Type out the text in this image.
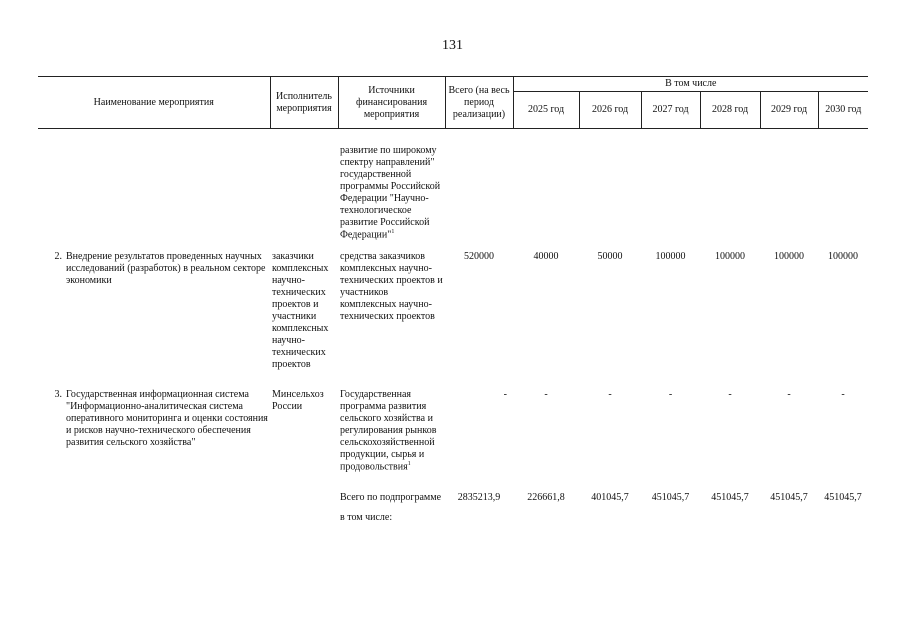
131
Наименование мероприятия		Исполнитель мероприятия	Источники финансирования мероприятия	Всего (на весь период реализации)	В том числе					
					2025 год	2026 год	2027 год	2028 год	2029 год	2030 год

			развитие по широкому спектру направлений" государственной программы Российской Федерации "Научно-технологическое развитие Российской Федерации"$^1$							
2.	Внедрение результатов проведенных научных исследований (разработок) в реальном секторе экономики	заказчики комплексных научно-технических проектов и участники комплексных научно-технических проектов	средства заказчиков комплексных научно-технических проектов и участников комплексных научно-технических проектов	520000	40000	50000	100000	100000	100000	100000

3.	Государственная информационная система "Информационно-аналитическая система оперативного мониторинга и оценки состояния и рисков научно-технического обеспечения развития сельского хозяйства"	Минсельхоз России	Государственная программа развития сельского хозяйства и регулирования рынков сельскохозяйственной продукции, сырья и продовольствия$^1$	-	-	-	-	-	-	-

			Всего по подпрограмме	2835213,9	226661,8	401045,7	451045,7	451045,7	451045,7	451045,7
			в том числе:							
